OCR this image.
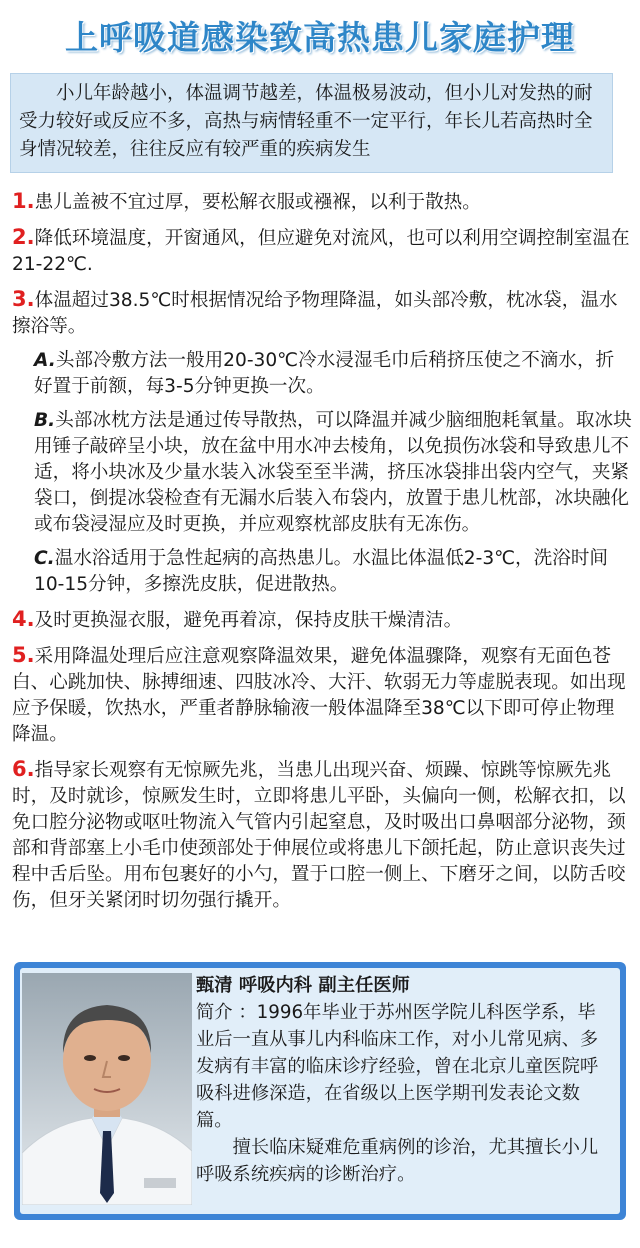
上呼吸道感染致高热患儿家庭护理
小儿年龄越小，体温调节越差，体温极易波动，但小儿对发热的耐受力较好或反应不多，高热与病情轻重不一定平行，年长儿若高热时全身情况较差，往往反应有较严重的疾病发生
1.患儿盖被不宜过厚，要松解衣服或襁褓，以利于散热。
2.降低环境温度，开窗通风，但应避免对流风，也可以利用空调控制室温在21-22℃.
3.体温超过38.5℃时根据情况给予物理降温，如头部冷敷，枕冰袋，温水擦浴等。
A.头部冷敷方法一般用20-30℃冷水浸湿毛巾后稍挤压使之不滴水，折好置于前额，每3-5分钟更换一次。
B.头部冰枕方法是通过传导散热，可以降温并减少脑细胞耗氧量。取冰块用锤子敲碎呈小块，放在盆中用水冲去棱角，以免损伤冰袋和导致患儿不适，将小块冰及少量水装入冰袋至至半满，挤压冰袋排出袋内空气，夹紧袋口，倒提冰袋检查有无漏水后装入布袋内，放置于患儿枕部，冰块融化或布袋浸湿应及时更换，并应观察枕部皮肤有无冻伤。
C.温水浴适用于急性起病的高热患儿。水温比体温低2-3℃，洗浴时间10-15分钟，多擦洗皮肤，促进散热。
4.及时更换湿衣服，避免再着凉，保持皮肤干燥清洁。
5.采用降温处理后应注意观察降温效果，避免体温骤降，观察有无面色苍白、心跳加快、脉搏细速、四肢冰冷、大汗、软弱无力等虚脱表现。如出现应予保暖，饮热水，严重者静脉输液一般体温降至38℃以下即可停止物理降温。
6.指导家长观察有无惊厥先兆，当患儿出现兴奋、烦躁、惊跳等惊厥先兆时，及时就诊，惊厥发生时，立即将患儿平卧，头偏向一侧，松解衣扣，以免口腔分泌物或呕吐物流入气管内引起窒息，及时吸出口鼻咽部分泌物，颈部和背部塞上小毛巾使颈部处于伸展位或将患儿下颌托起，防止意识丧失过程中舌后坠。用布包裹好的小勺，置于口腔一侧上、下磨牙之间，以防舌咬伤，但牙关紧闭时切勿强行撬开。
甄清 呼吸内科 副主任医师
简介 ：1996年毕业于苏州医学院儿科医学系，毕业后一直从事儿内科临床工作，对小儿常见病、多发病有丰富的临床诊疗经验，曾在北京儿童医院呼吸科进修深造，在省级以上医学期刊发表论文数篇。
擅长临床疑难危重病例的诊治，尤其擅长小儿呼吸系统疾病的诊断治疗。
